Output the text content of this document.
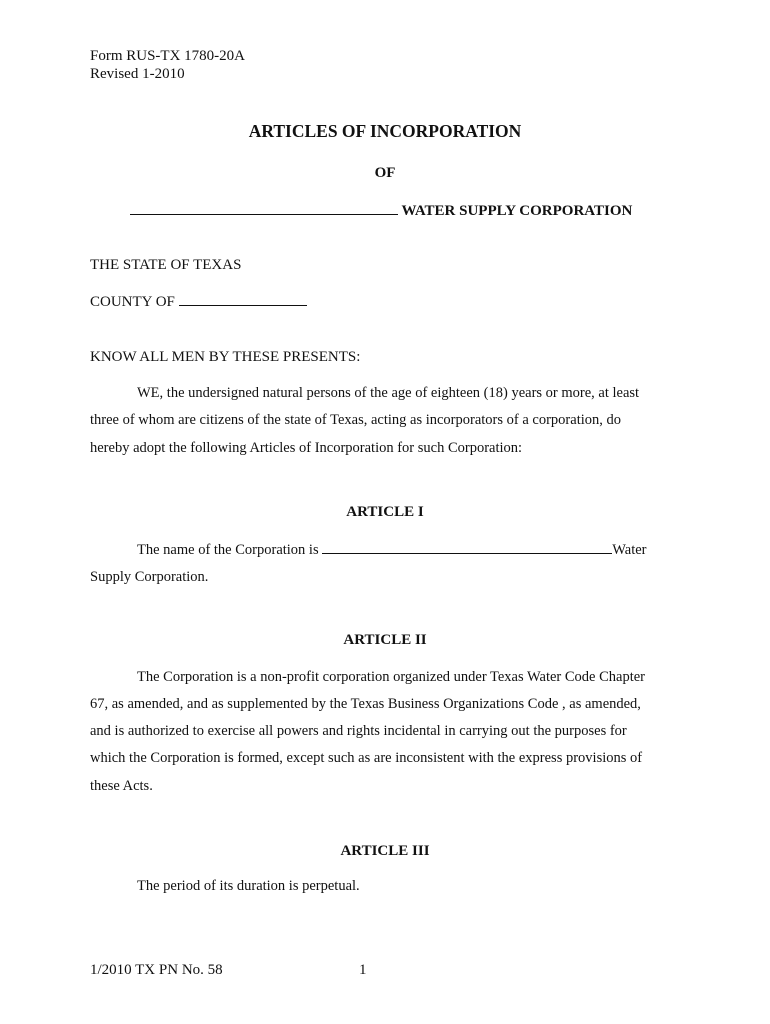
Form RUS-TX 1780-20A
Revised 1-2010
ARTICLES OF INCORPORATION
OF
WATER SUPPLY CORPORATION
THE STATE OF TEXAS
COUNTY OF
KNOW ALL MEN BY THESE PRESENTS:
WE, the undersigned natural persons of the age of eighteen (18) years or more, at least
three of whom are citizens of the state of Texas, acting as incorporators of a corporation, do
hereby adopt the following Articles of Incorporation for such Corporation:
ARTICLE I
The name of the Corporation is	Water
Supply Corporation.
ARTICLE II
The Corporation is a non-profit corporation organized under Texas Water Code Chapter
67, as amended, and as supplemented by the Texas Business Organizations Code , as amended,
and is authorized to exercise all powers and rights incidental in carrying out the purposes for
which the Corporation is formed, except such as are inconsistent with the express provisions of
these Acts.
ARTICLE III
The period of its duration is perpetual.
1/2010 TX PN No. 58	1
